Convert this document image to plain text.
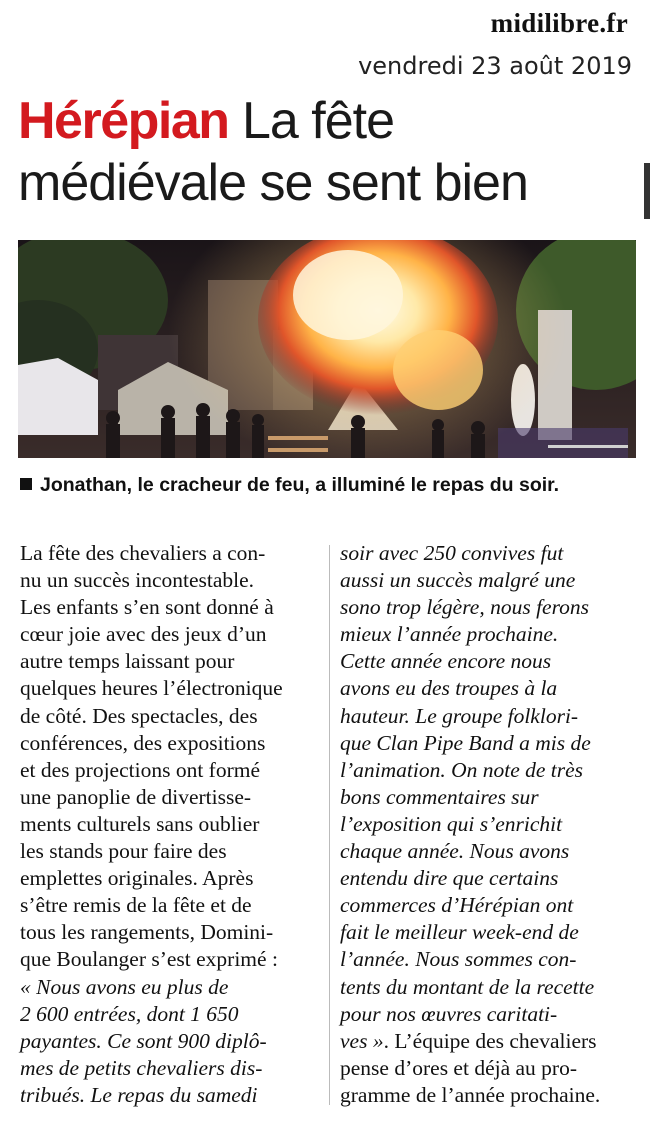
midilibre.fr
vendredi 23 août 2019
Hérépian La fête
médiévale se sent bien
Jonathan, le cracheur de feu, a illuminé le repas du soir.
La fête des chevaliers a con-
nu un succès incontestable.
Les enfants s’en sont donné à
cœur joie avec des jeux d’un
autre temps laissant pour
quelques heures l’électronique
de côté. Des spectacles, des
conférences, des expositions
et des projections ont formé
une panoplie de divertisse-
ments culturels sans oublier
les stands pour faire des
emplettes originales. Après
s’être remis de la fête et de
tous les rangements, Domini-
que Boulanger s’est exprimé :
« Nous avons eu plus de
2 600 entrées, dont 1 650
payantes. Ce sont 900 diplô-
mes de petits chevaliers dis-
tribués. Le repas du samedi
soir avec 250 convives fut
aussi un succès malgré une
sono trop légère, nous ferons
mieux l’année prochaine.
Cette année encore nous
avons eu des troupes à la
hauteur. Le groupe folklori-
que Clan Pipe Band a mis de
l’animation. On note de très
bons commentaires sur
l’exposition qui s’enrichit
chaque année. Nous avons
entendu dire que certains
commerces d’Hérépian ont
fait le meilleur week-end de
l’année. Nous sommes con-
tents du montant de la recette
pour nos œuvres caritati-
ves ». L’équipe des chevaliers
pense d’ores et déjà au pro-
gramme de l’année prochaine.
